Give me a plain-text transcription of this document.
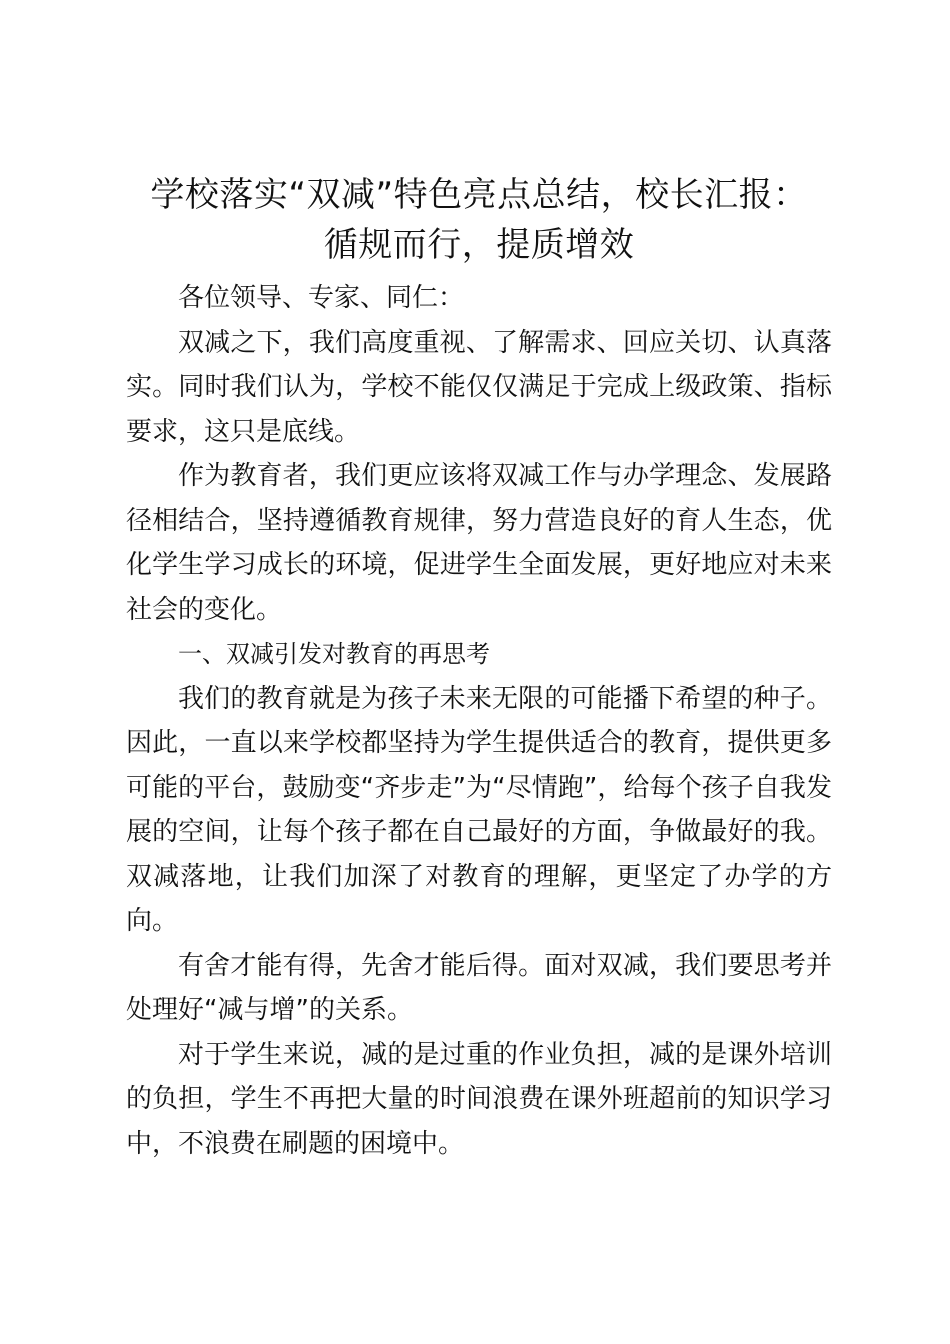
学校落实“双减”特色亮点总结，校长汇报：
循规而行，提质增效

各位领导、专家、同仁：

双减之下，我们高度重视、了解需求、回应关切、认真落实。同时我们认为，学校不能仅仅满足于完成上级政策、指标要求，这只是底线。

作为教育者，我们更应该将双减工作与办学理念、发展路径相结合，坚持遵循教育规律，努力营造良好的育人生态，优化学生学习成长的环境，促进学生全面发展，更好地应对未来社会的变化。

一、双减引发对教育的再思考

我们的教育就是为孩子未来无限的可能播下希望的种子。因此，一直以来学校都坚持为学生提供适合的教育，提供更多可能的平台，鼓励变“齐步走”为“尽情跑”，给每个孩子自我发展的空间，让每个孩子都在自己最好的方面，争做最好的我。双减落地，让我们加深了对教育的理解，更坚定了办学的方向。

有舍才能有得，先舍才能后得。面对双减，我们要思考并处理好“减与增”的关系。

对于学生来说，减的是过重的作业负担，减的是课外培训的负担，学生不再把大量的时间浪费在课外班超前的知识学习中，不浪费在刷题的困境中。
